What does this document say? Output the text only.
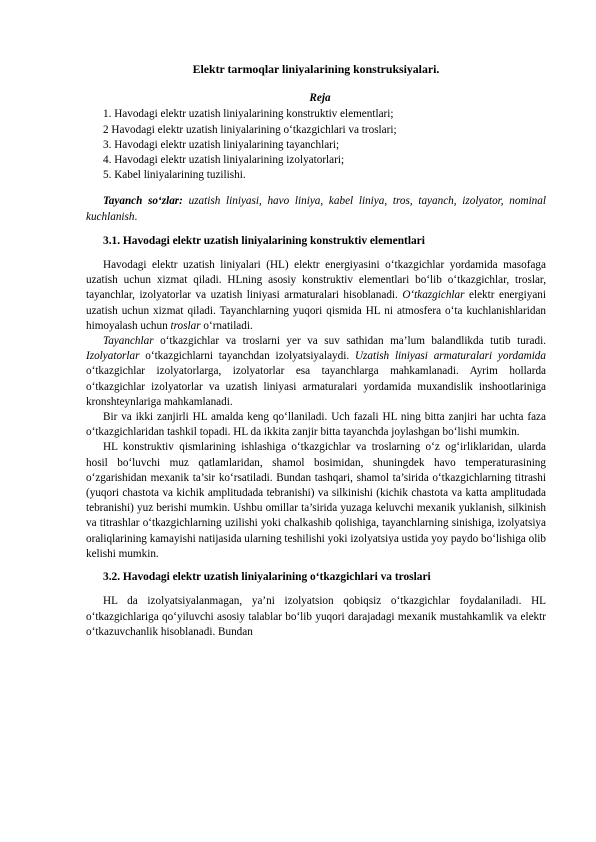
Elektr tarmoqlar liniyalarining konstruksiyalari.
Reja
1. Havodagi elektr uzatish liniyalarining konstruktiv elementlari;
2 Havodagi elektr uzatish liniyalarining o‘tkazgichlari va troslari;
3. Havodagi elektr uzatish liniyalarining tayanchlari;
4. Havodagi elektr uzatish liniyalarining izolyatorlari;
5. Kabel liniyalarining tuzilishi.

Tayanch so‘zlar: uzatish liniyasi, havo liniya, kabel liniya, tros, tayanch, izolyator, nominal kuchlanish.

3.1. Havodagi elektr uzatish liniyalarining konstruktiv elementlari

Havodagi elektr uzatish liniyalari (HL) elektr energiyasini o‘tkazgichlar yordamida masofaga uzatish uchun xizmat qiladi. HLning asosiy konstruktiv elementlari bo‘lib o‘tkazgichlar, troslar, tayanchlar, izolyatorlar va uzatish liniyasi armaturalari hisoblanadi. O‘tkazgichlar elektr energiyani uzatish uchun xizmat qiladi. Tayanchlarning yuqori qismida HL ni atmosfera o‘ta kuchlanishlaridan himoyalash uchun troslar o‘rnatiladi.

Tayanchlar o‘tkazgichlar va troslarni yer va suv sathidan ma’lum balandlikda tutib turadi. Izolyatorlar o‘tkazgichlarni tayanchdan izolyatsiyalaydi. Uzatish liniyasi armaturalari yordamida o‘tkazgichlar izolyatorlarga, izolyatorlar esa tayanchlarga mahkamlanadi. Ayrim hollarda o‘tkazgichlar izolyatorlar va uzatish liniyasi armaturalari yordamida muxandislik inshootlariniga kronshteynlariga mahkamlanadi.

Bir va ikki zanjirli HL amalda keng qo‘llaniladi. Uch fazali HL ning bitta zanjiri har uchta faza o‘tkazgichlaridan tashkil topadi. HL da ikkita zanjir bitta tayanchda joylashgan bo‘lishi mumkin.

HL konstruktiv qismlarining ishlashiga o‘tkazgichlar va troslarning o‘z og‘irliklaridan, ularda hosil bo‘luvchi muz qatlamlaridan, shamol bosimidan, shuningdek havo temperaturasining o‘zgarishidan mexanik ta’sir ko‘rsatiladi. Bundan tashqari, shamol ta’sirida o‘tkazgichlarning titrashi (yuqori chastota va kichik amplitudada tebranishi) va silkinishi (kichik chastota va katta amplitudada tebranishi) yuz berishi mumkin. Ushbu omillar ta’sirida yuzaga keluvchi mexanik yuklanish, silkinish va titrashlar o‘tkazgichlarning uzilishi yoki chalkashib qolishiga, tayanchlarning sinishiga, izolyatsiya oraliqlarining kamayishi natijasida ularning teshilishi yoki izolyatsiya ustida yoy paydo bo‘lishiga olib kelishi mumkin.

3.2. Havodagi elektr uzatish liniyalarining o‘tkazgichlari va troslari

HL da izolyatsiyalanmagan, ya’ni izolyatsion qobiqsiz o‘tkazgichlar foydalaniladi. HL o‘tkazgichlariga qo‘yiluvchi asosiy talablar bo‘lib yuqori darajadagi mexanik mustahkamlik va elektr o‘tkazuvchanlik hisoblanadi. Bundan
